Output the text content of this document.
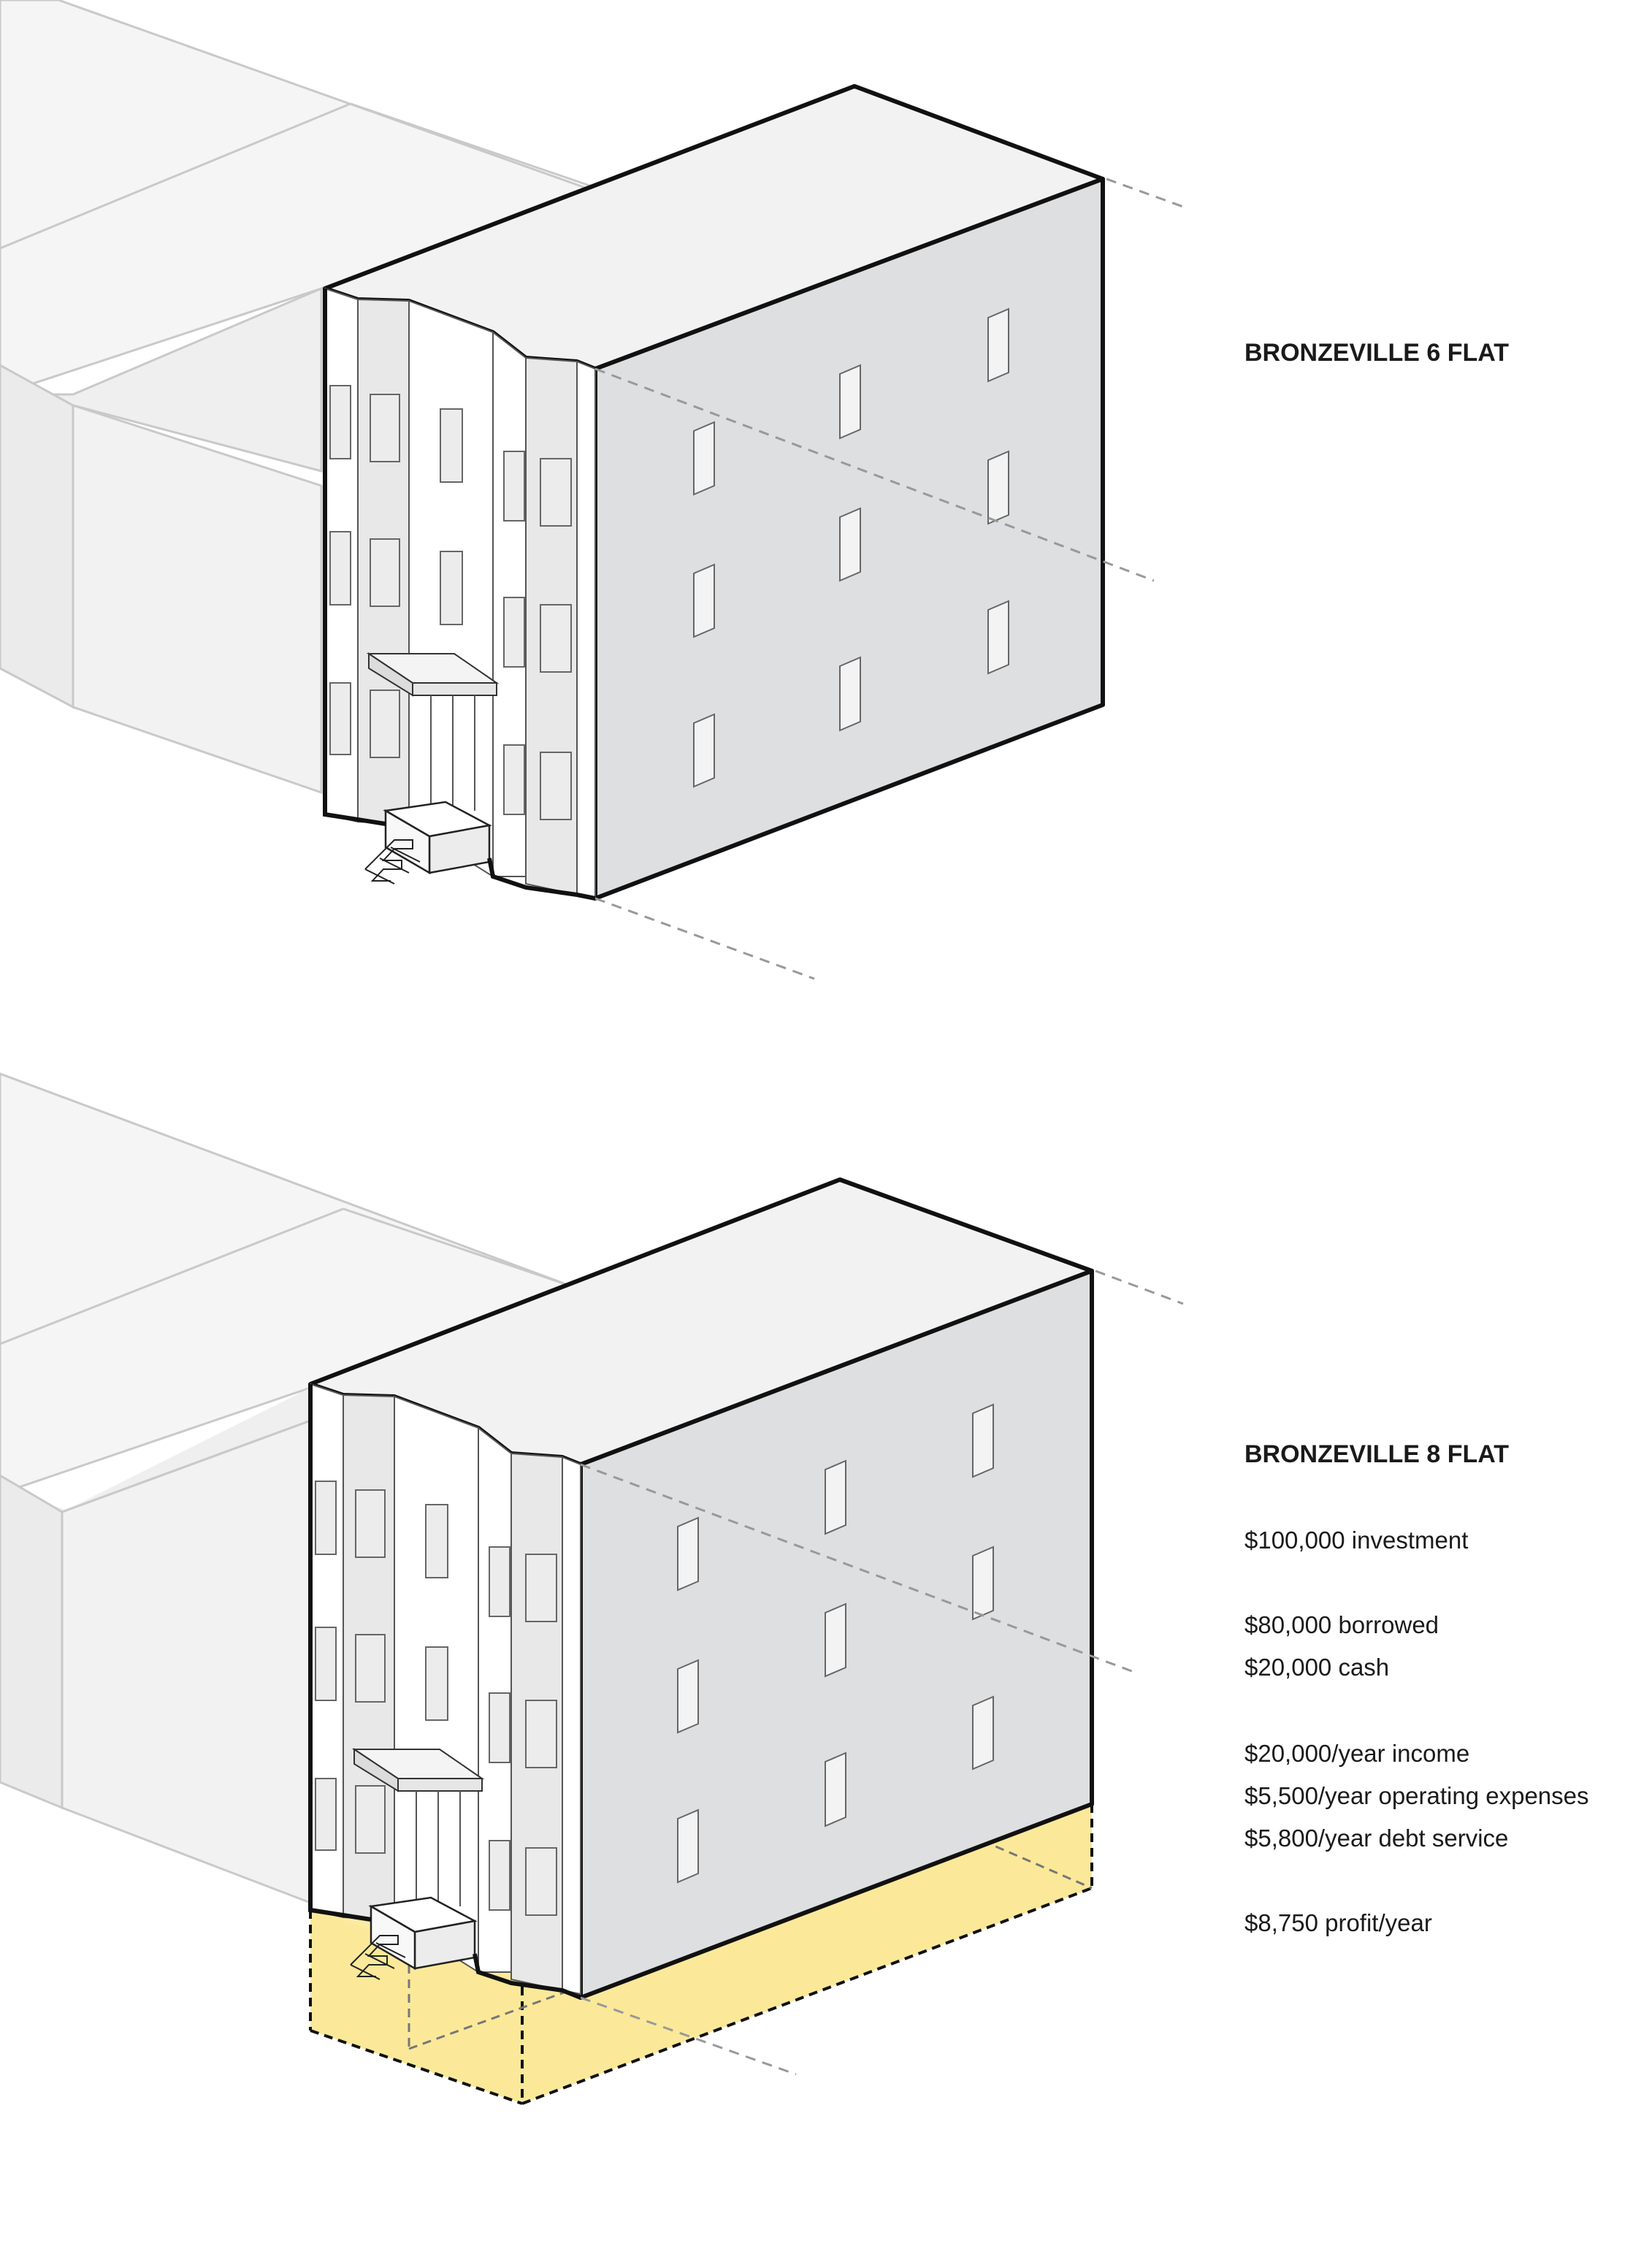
BRONZEVILLE 6 FLAT
BRONZEVILLE 8 FLAT
$100,000 investment
$80,000 borrowed
$20,000 cash
$20,000/year income
$5,500/year operating expenses
$5,800/year debt service
$8,750 profit/year
